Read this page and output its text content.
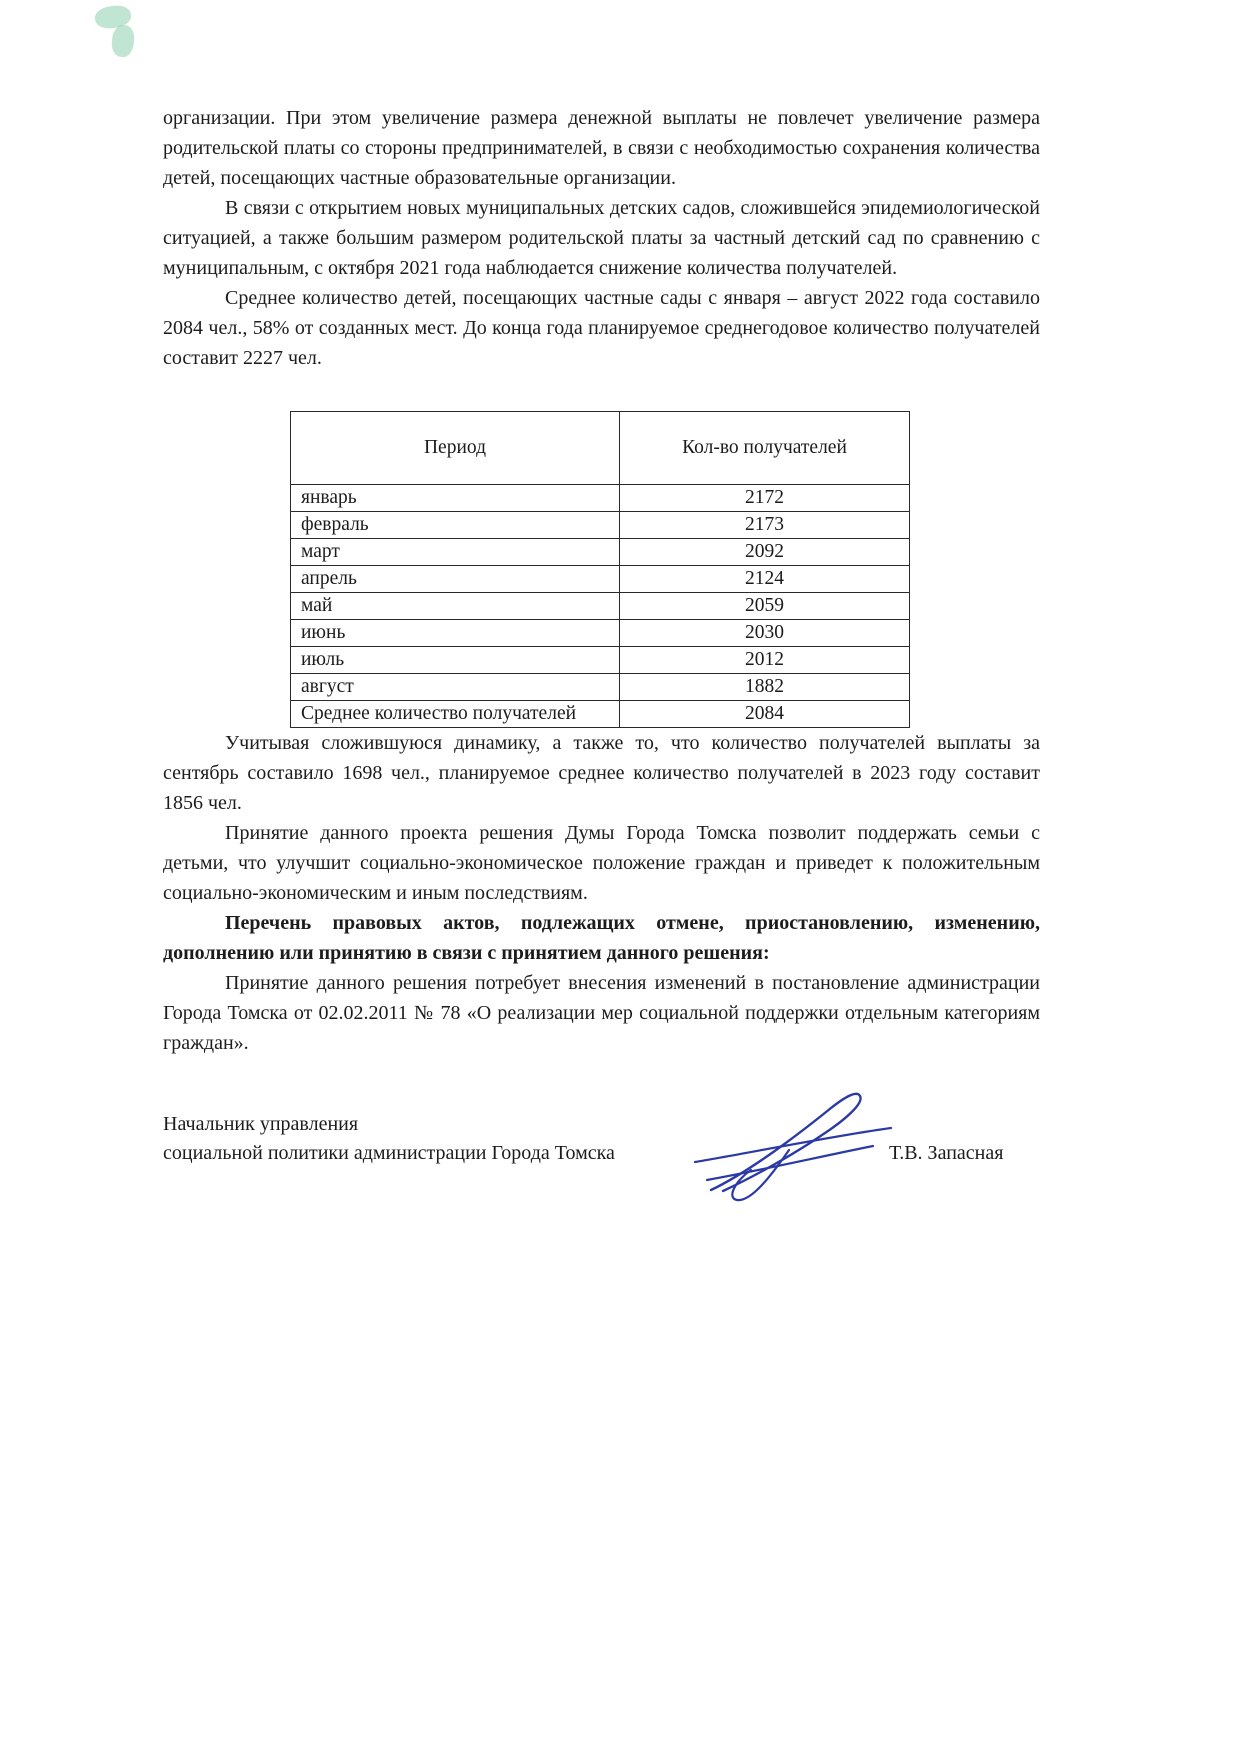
организации. При этом увеличение размера денежной выплаты не повлечет увеличение размера родительской платы со стороны предпринимателей, в связи с необходимостью сохранения количества детей, посещающих частные образовательные организации.

В связи с открытием новых муниципальных детских садов, сложившейся эпидемиологической ситуацией, а также большим размером родительской платы за частный детский сад по сравнению с муниципальным, с октября 2021 года наблюдается снижение количества получателей.

Среднее количество детей, посещающих частные сады с января – август 2022 года составило 2084 чел., 58% от созданных мест. До конца года планируемое среднегодовое количество получателей составит 2227 чел.

Период	Кол-во получателей
январь	2172
февраль	2173
март	2092
апрель	2124
май	2059
июнь	2030
июль	2012
август	1882
Среднее количество получателей	2084

Учитывая сложившуюся динамику, а также то, что количество получателей выплаты за сентябрь составило 1698 чел., планируемое среднее количество получателей в 2023 году составит 1856 чел.

Принятие данного проекта решения Думы Города Томска позволит поддержать семьи с детьми, что улучшит социально-экономическое положение граждан и приведет к положительным социально-экономическим и иным последствиям.

Перечень правовых актов, подлежащих отмене, приостановлению, изменению, дополнению или принятию в связи с принятием данного решения:

Принятие данного решения потребует внесения изменений в постановление администрации Города Томска от 02.02.2011 № 78 «О реализации мер социальной поддержки отдельным категориям граждан».

Начальник управления
социальной политики администрации Города Томска	Т.В. Запасная
